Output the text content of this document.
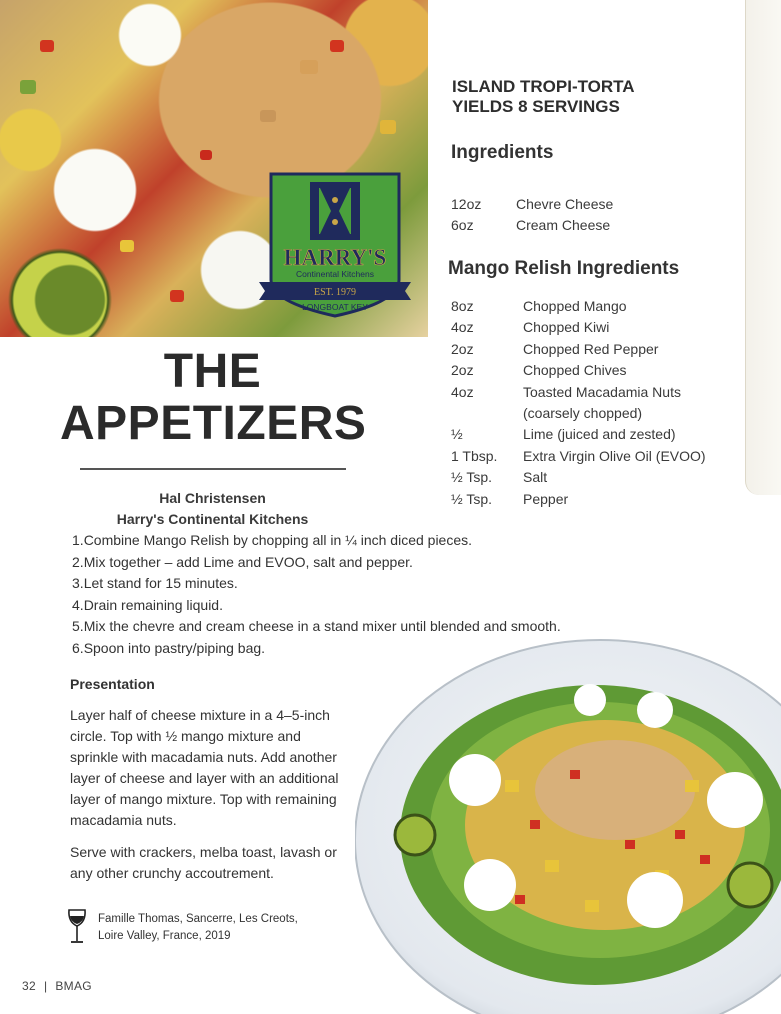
HARRY'S
Continental Kitchens
EST. 1979
LONGBOAT KEY
THE
APPETIZERS
Hal Christensen
Harry's Continental Kitchens
ISLAND TROPI-TORTA
YIELDS 8 SERVINGS
Ingredients
12oz	Chevre Cheese
6oz	Cream Cheese
Mango Relish Ingredients
8oz	Chopped Mango
4oz	Chopped Kiwi
2oz	Chopped Red Pepper
2oz	Chopped Chives
4oz	Toasted Macadamia Nuts
(coarsely chopped)
½	Lime (juiced and zested)
1 Tbsp.	Extra Virgin Olive Oil (EVOO)
½ Tsp.	Salt
½ Tsp.	Pepper
1.Combine Mango Relish by chopping all in ¼ inch diced pieces.
2.Mix together – add Lime and EVOO, salt and pepper.
3.Let stand for 15 minutes.
4.Drain remaining liquid.
5.Mix the chevre and cream cheese in a stand mixer until blended and smooth.
6.Spoon into pastry/piping bag.
Presentation

Layer half of cheese mixture in a 4–5-inch circle. Top with ½ mango mixture and sprinkle with macadamia nuts. Add another layer of cheese and layer with an additional layer of mango mixture. Top with remaining macadamia nuts.

Serve with crackers, melba toast, lavash or any other crunchy accoutrement.

Famille Thomas, Sancerre, Les Creots,
Loire Valley, France, 2019
32 | BMAG
